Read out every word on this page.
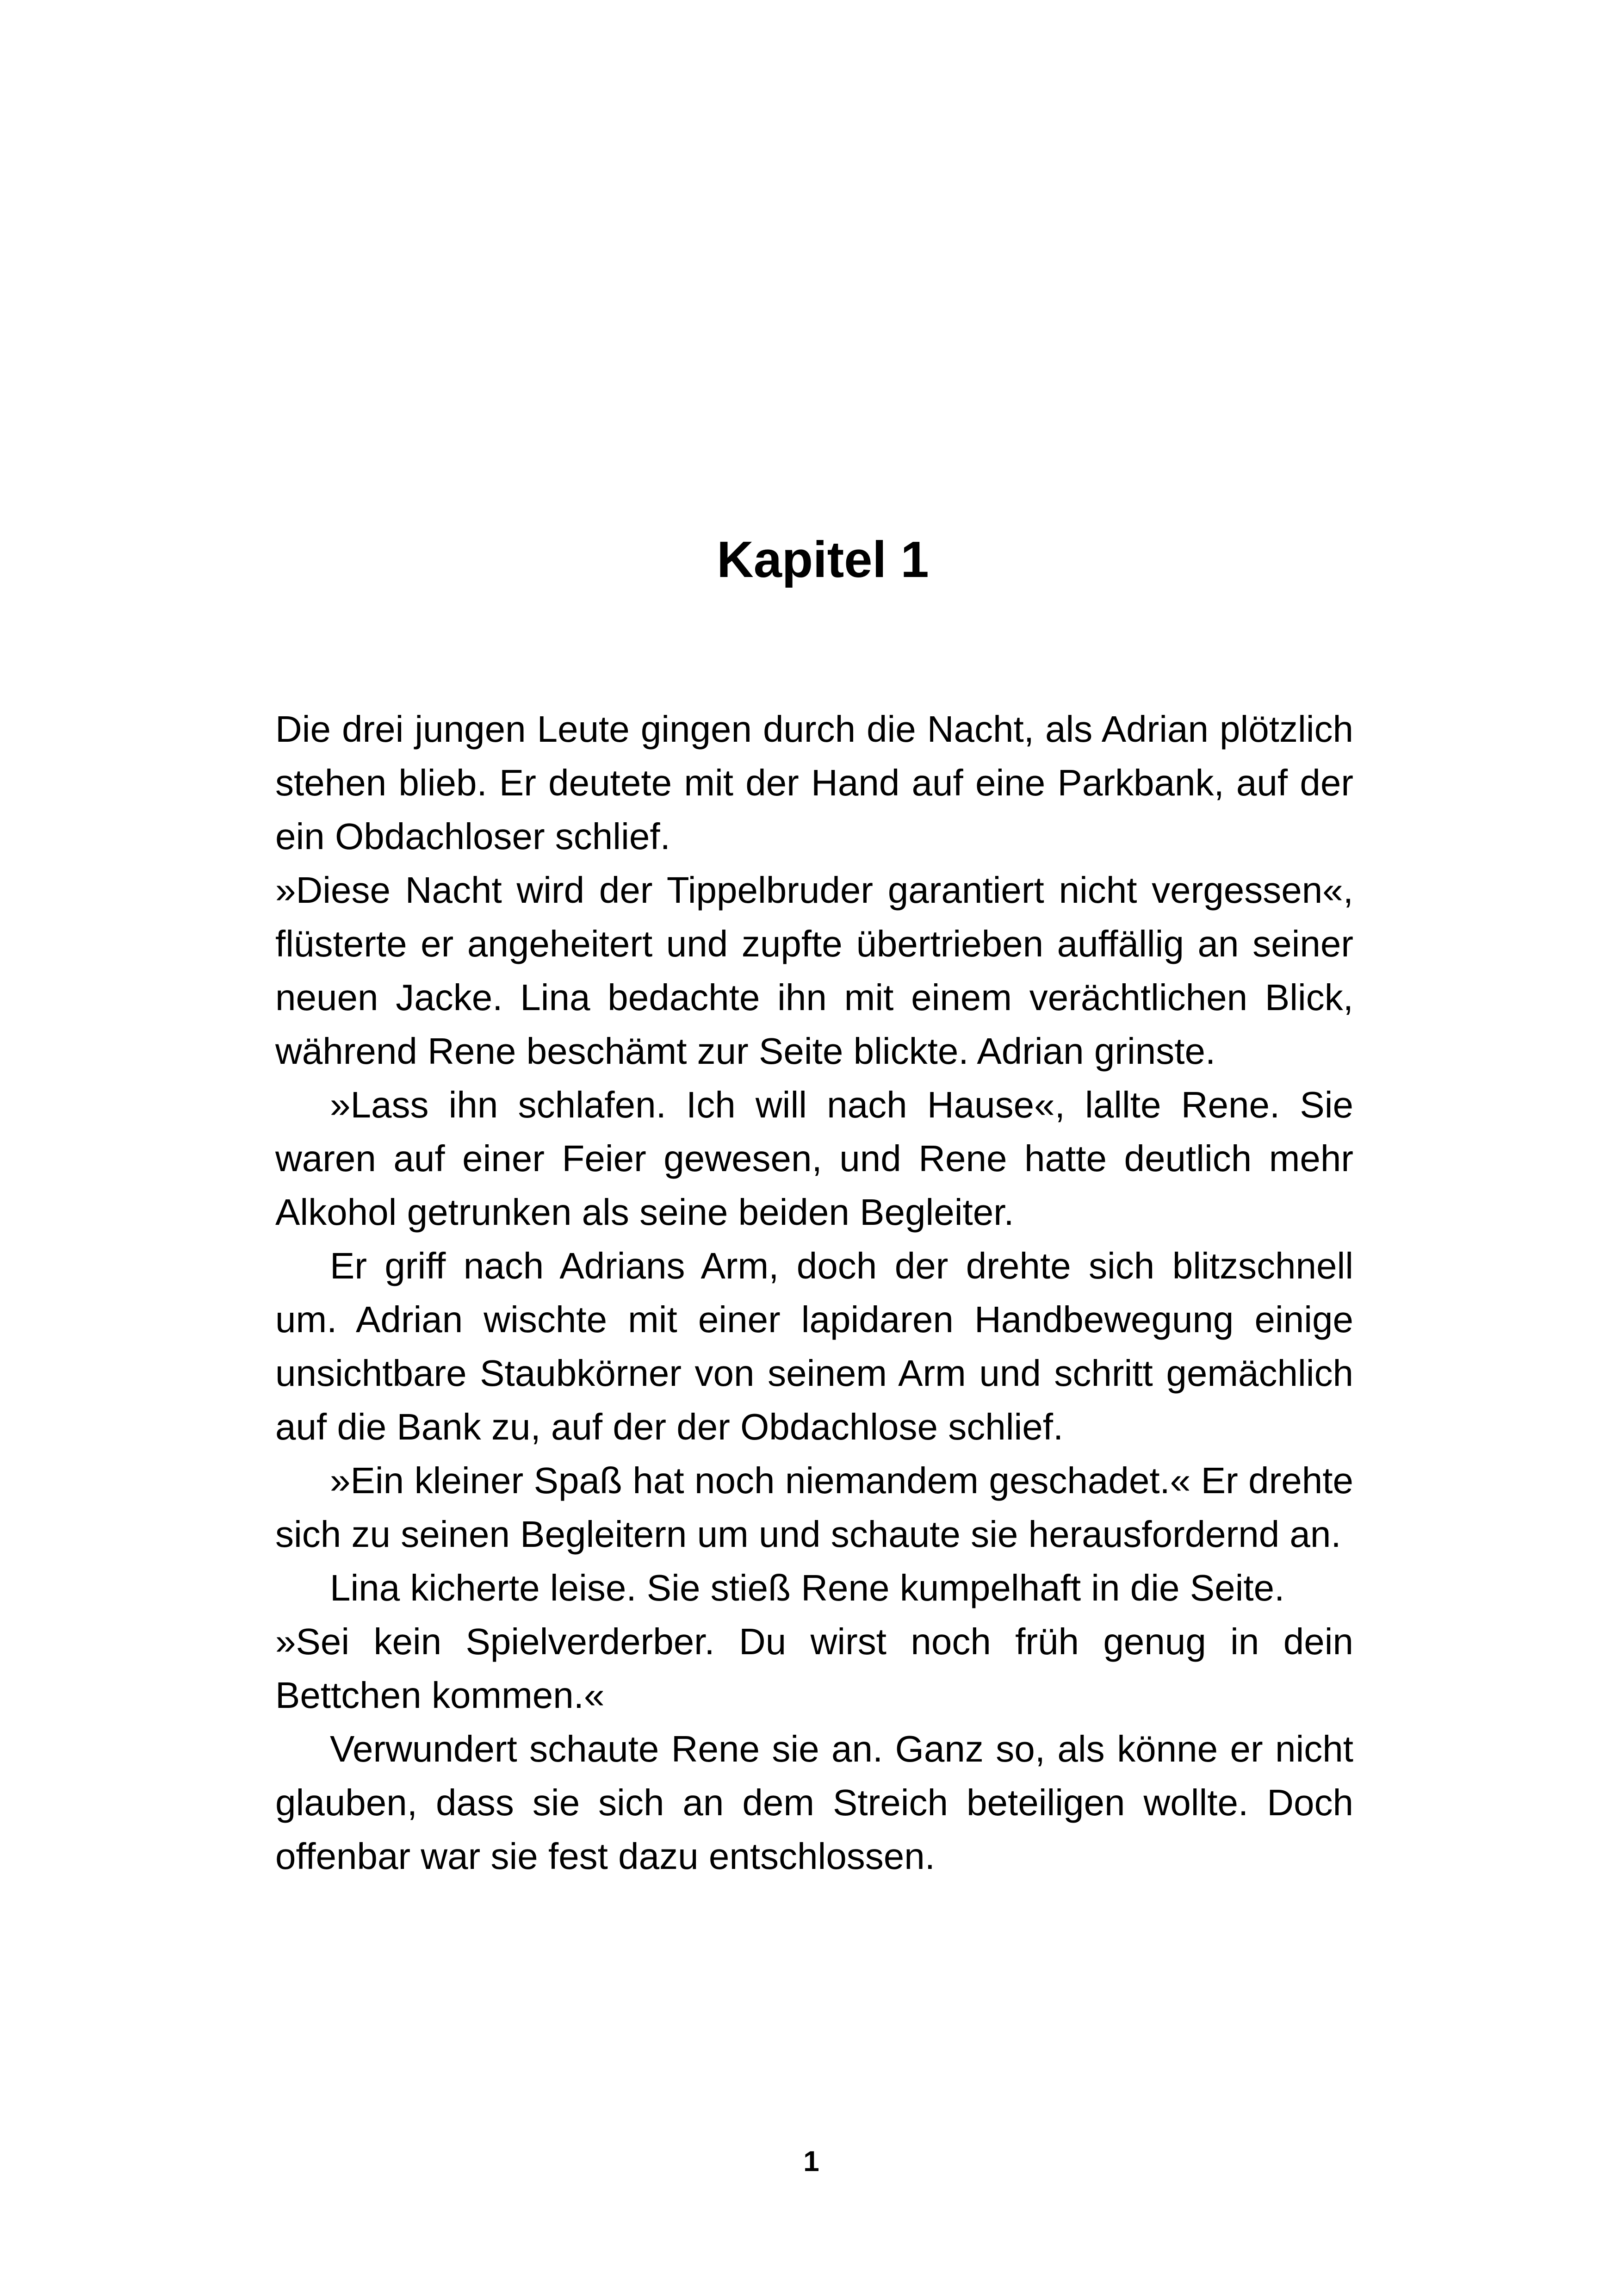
Kapitel 1

Die drei jungen Leute gingen durch die Nacht, als Adrian plötzlich stehen blieb. Er deutete mit der Hand auf eine Parkbank, auf der ein Obdachloser schlief.

»Diese Nacht wird der Tippelbruder garantiert nicht vergessen«, flüsterte er angeheitert und zupfte übertrieben auffällig an seiner neuen Jacke. Lina bedachte ihn mit einem verächtlichen Blick, während Rene beschämt zur Seite blickte. Adrian grinste.

»Lass ihn schlafen. Ich will nach Hause«, lallte Rene. Sie waren auf einer Feier gewesen, und Rene hatte deutlich mehr Alkohol getrunken als seine beiden Begleiter.

Er griff nach Adrians Arm, doch der drehte sich blitzschnell um. Adrian wischte mit einer lapidaren Handbewegung einige unsichtbare Staubkörner von seinem Arm und schritt gemächlich auf die Bank zu, auf der der Obdachlose schlief.

»Ein kleiner Spaß hat noch niemandem geschadet.« Er drehte sich zu seinen Begleitern um und schaute sie herausfordernd an.

Lina kicherte leise. Sie stieß Rene kumpelhaft in die Seite.

»Sei kein Spielverderber. Du wirst noch früh genug in dein Bettchen kommen.«

Verwundert schaute Rene sie an. Ganz so, als könne er nicht glauben, dass sie sich an dem Streich beteiligen wollte. Doch offenbar war sie fest dazu entschlossen.

1
